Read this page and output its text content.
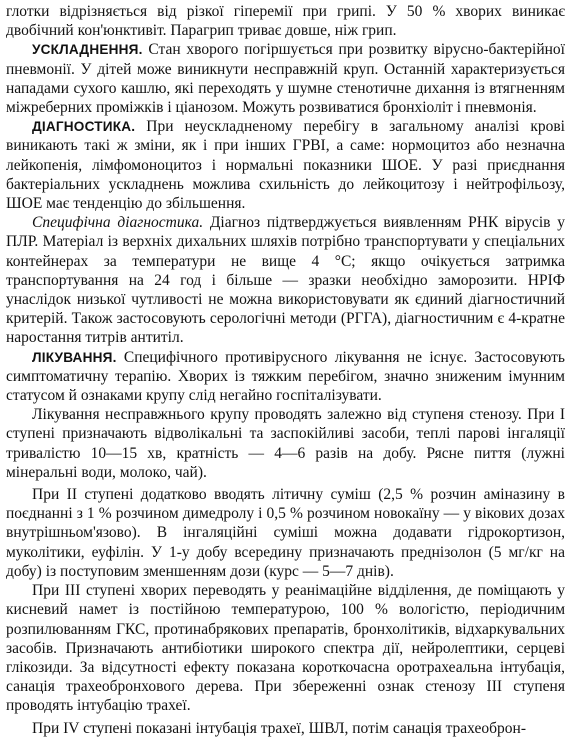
глотки відрізняється від різкої гіперемії при грипі. У 50 % хворих виникає двобічний кон'юнктивіт. Парагрип триває довше, ніж грип.

УСКЛАДНЕННЯ. Стан хворого погіршується при розвитку вірусно-бактерійної пневмонії. У дітей може виникнути несправжній круп. Останній характеризується нападами сухого кашлю, які переходять у шумне стенотичне дихання із втягненням міжреберних проміжків і ціанозом. Можуть розвиватися бронхіоліт і пневмонія.

ДІАГНОСТИКА. При неускладненому перебігу в загальному аналізі крові виникають такі ж зміни, як і при інших ГРВІ, а саме: нормоцитоз або незначна лейкопенія, лімфомоноцитоз і нормальні показники ШОЕ. У разі приєднання бактеріальних ускладнень можлива схильність до лейкоцитозу і нейтрофільозу, ШОЕ має тенденцію до збільшення.

Специфічна діагностика. Діагноз підтверджується виявленням РНК вірусів у ПЛР. Матеріал із верхніх дихальних шляхів потрібно транспортувати у спеціальних контейнерах за температури не вище 4 °С; якщо очікується затримка транспортування на 24 год і більше — зразки необхідно заморозити. НРІФ унаслідок низької чутливості не можна використовувати як єдиний діагностичний критерій. Також застосовують серологічні методи (РГГА), діагностичним є 4-кратне наростання титрів антитіл.

ЛІКУВАННЯ. Специфічного противірусного лікування не існує. Застосовують симптоматичну терапію. Хворих із тяжким перебігом, значно зниженим імунним статусом й ознаками крупу слід негайно госпіталізувати.

Лікування несправжнього крупу проводять залежно від ступеня стенозу. При I ступені призначають відволікальні та заспокійливі засоби, теплі парові інгаляції тривалістю 10—15 хв, кратність — 4—6 разів на добу. Рясне пиття (лужні мінеральні води, молоко, чай).

При II ступені додатково вводять літичну суміш (2,5 % розчин аміназину в поєднанні з 1 % розчином димедролу і 0,5 % розчином новокаїну — у вікових дозах внутрішньом'язово). В інгаляційні суміші можна додавати гідрокортизон, муколітики, еуфілін. У 1-у добу всередину призначають преднізолон (5 мг/кг на добу) із поступовим зменшенням дози (курс — 5—7 днів).

При III ступені хворих переводять у реанімаційне відділення, де поміщають у кисневий намет із постійною температурою, 100 % вологістю, періодичним розпилюванням ГКС, протинабрякових препаратів, бронхолітиків, відхаркувальних засобів. Призначають антибіотики широкого спектра дії, нейролептики, серцеві глікозиди. За відсутності ефекту показана короткочасна оротрахеальна інтубація, санація трахеобронхового дерева. При збереженні ознак стенозу III ступеня проводять інтубацію трахеї.

При IV ступені показані інтубація трахеї, ШВЛ, потім санація трахеоброн-
